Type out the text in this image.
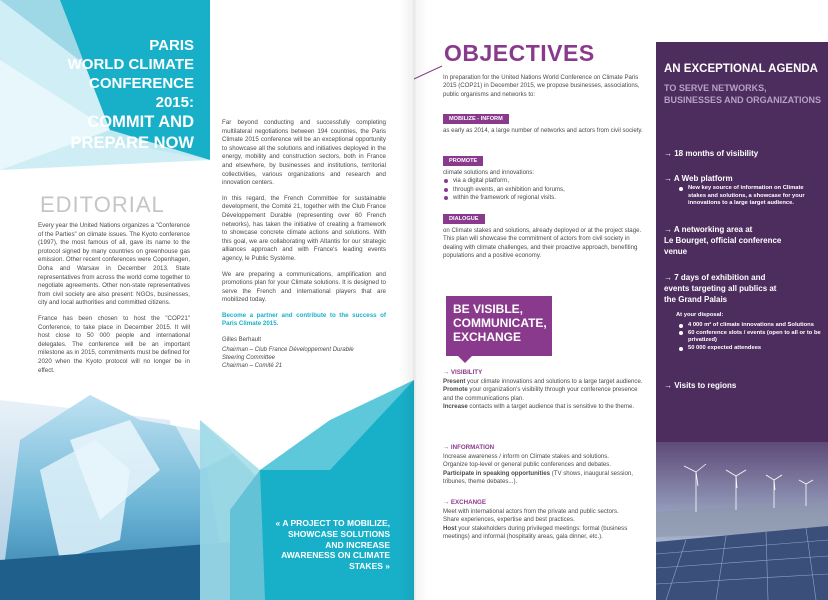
PARIS
WORLD CLIMATE
CONFERENCE 2015:
COMMIT AND
PREPARE NOW
EDITORIAL

Every year the United Nations organizes a "Conference of the Parties" on climate issues. The Kyoto conference (1997), the most famous of all, gave its name to the protocol signed by many countries on greenhouse gas emission. Other recent conferences were Copenhagen, Doha and Warsaw in December 2013. State representatives from across the world come together to negotiate agreements. Other non-state representatives from civil society are also present: NGOs, businesses, city and local authorities and committed citizens.

France has been chosen to host the "COP21" Conference, to take place in December 2015. It will host close to 50 000 people and international delegates. The conference will be an important milestone as in 2015, commitments must be defined for 2020 when the Kyoto protocol will no longer be in effect.

Far beyond conducting and successfully completing multilateral negotiations between 194 countries, the Paris Climate 2015 conference will be an exceptional opportunity to showcase all the solutions and initiatives deployed in the energy, mobility and construction sectors, both in France and elsewhere, by businesses and institutions, territorial collectivities, various organizations and research and innovation centers.

In this regard, the French Committee for sustainable development, the Comité 21, together with the Club France Développement Durable (representing over 60 French networks), has taken the initiative of creating a framework to showcase concrete climate actions and solutions. With this goal, we are collaborating with Altantis for our strategic alliances approach and with France's leading events agency, le Public Système.

We are preparing a communications, amplification and promotions plan for your Climate solutions. It is designed to serve the French and international players that are mobilized today.

Become a partner and contribute to the success of Paris Climate 2015.

Gilles Berhault
Chairman – Club France Développement Durable
Steering Committee
Chairman – Comité 21
« A PROJECT TO MOBILIZE, SHOWCASE SOLUTIONS AND INCREASE AWARENESS ON CLIMATE STAKES »
OBJECTIVES
In preparation for the United Nations World Conference on Climate Paris 2015 (COP21) in December 2015, we propose businesses, associations, public organisms and networks to:
MOBILIZE - INFORM
as early as 2014, a large number of networks and actors from civil society.
PROMOTE
climate solutions and innovations:
via a digital platform,
through events, an exhibition and forums,
within the framework of regional visits.
DIALOGUE
on Climate stakes and solutions, already deployed or at the project stage.
This plan will showcase the commitment of actors from civil society in dealing with climate challenges, and their proactive approach, benefiting populations and a positive economy.
BE VISIBLE,
COMMUNICATE,
EXCHANGE
→ VISIBILITY
Present your climate innovations and solutions to a large target audience.
Promote your organization's visibility through your conference presence and the communications plan.
Increase contacts with a target audience that is sensitive to the theme.
→ INFORMATION
Increase awareness / inform on Climate stakes and solutions.
Organize top-level or general public conferences and debates.
Participate in speaking opportunities (TV shows, inaugural session, tribunes, theme debates...).
→ EXCHANGE
Meet with international actors from the private and public sectors.
Share experiences, expertise and best practices.
Host your stakeholders during privileged meetings: formal (business meetings) and informal (hospitality areas, gala dinner, etc.).
AN EXCEPTIONAL AGENDA
TO SERVE NETWORKS,
BUSINESSES AND ORGANIZATIONS
→ 18 months of visibility
→ A Web platform
New key source of information on Climate stakes and solutions, a showcase for your innovations to a large target audience.
→ A networking area at
Le Bourget, official conference
venue
→ 7 days of exhibition and
events targeting all publics at
the Grand Palais
At your disposal:
4 000 m² of climate innovations and Solutions
60 conference slots / events (open to all or to be privatized)
50 000 expected attendees
→ Visits to regions
